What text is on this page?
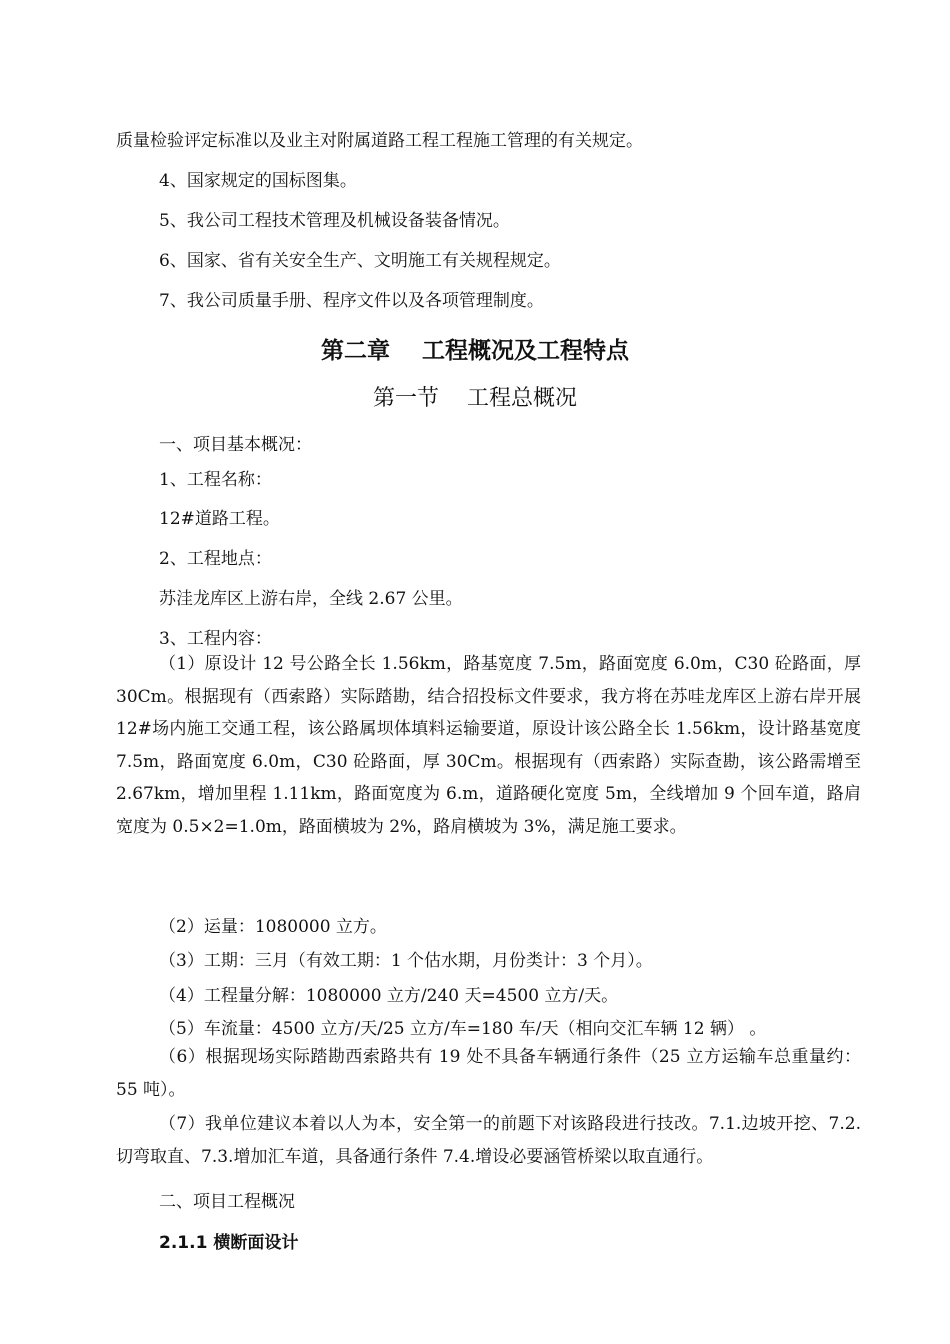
质量检验评定标准以及业主对附属道路工程工程施工管理的有关规定。
4、国家规定的国标图集。
5、我公司工程技术管理及机械设备装备情况。
6、国家、省有关安全生产、文明施工有关规程规定。
7、我公司质量手册、程序文件以及各项管理制度。
第二章    工程概况及工程特点
第一节    工程总概况
一、项目基本概况：
1、工程名称：
12#道路工程。
2、工程地点：
苏洼龙库区上游右岸，全线 2.67 公里。
3、工程内容：
（1）原设计 12 号公路全长 1.56km，路基宽度 7.5m，路面宽度 6.0m，C30 砼路面，厚 30Cm。根据现有（西索路）实际踏勘，结合招投标文件要求，我方将在苏哇龙库区上游右岸开展 12#场内施工交通工程，该公路属坝体填料运输要道，原设计该公路全长 1.56km，设计路基宽度 7.5m，路面宽度 6.0m，C30 砼路面，厚 30Cm。根据现有（西索路）实际查勘，该公路需增至 2.67km，增加里程 1.11km，路面宽度为 6.m，道路硬化宽度 5m，全线增加 9 个回车道，路肩宽度为 0.5×2=1.0m，路面横坡为 2%，路肩横坡为 3%，满足施工要求。
（2）运量：1080000 立方。
（3）工期：三月（有效工期：1 个估水期，月份类计：3 个月）。
（4）工程量分解：1080000 立方/240 天=4500 立方/天。
（5）车流量：4500 立方/天/25 立方/车=180 车/天（相向交汇车辆 12 辆） 。
（6）根据现场实际踏勘西索路共有 19 处不具备车辆通行条件（25 立方运输车总重量约：55 吨）。
（7）我单位建议本着以人为本，安全第一的前题下对该路段进行技改。7.1.边坡开挖、7.2.切弯取直、7.3.增加汇车道，具备通行条件 7.4.增设必要涵管桥梁以取直通行。
二、项目工程概况
2.1.1 横断面设计
